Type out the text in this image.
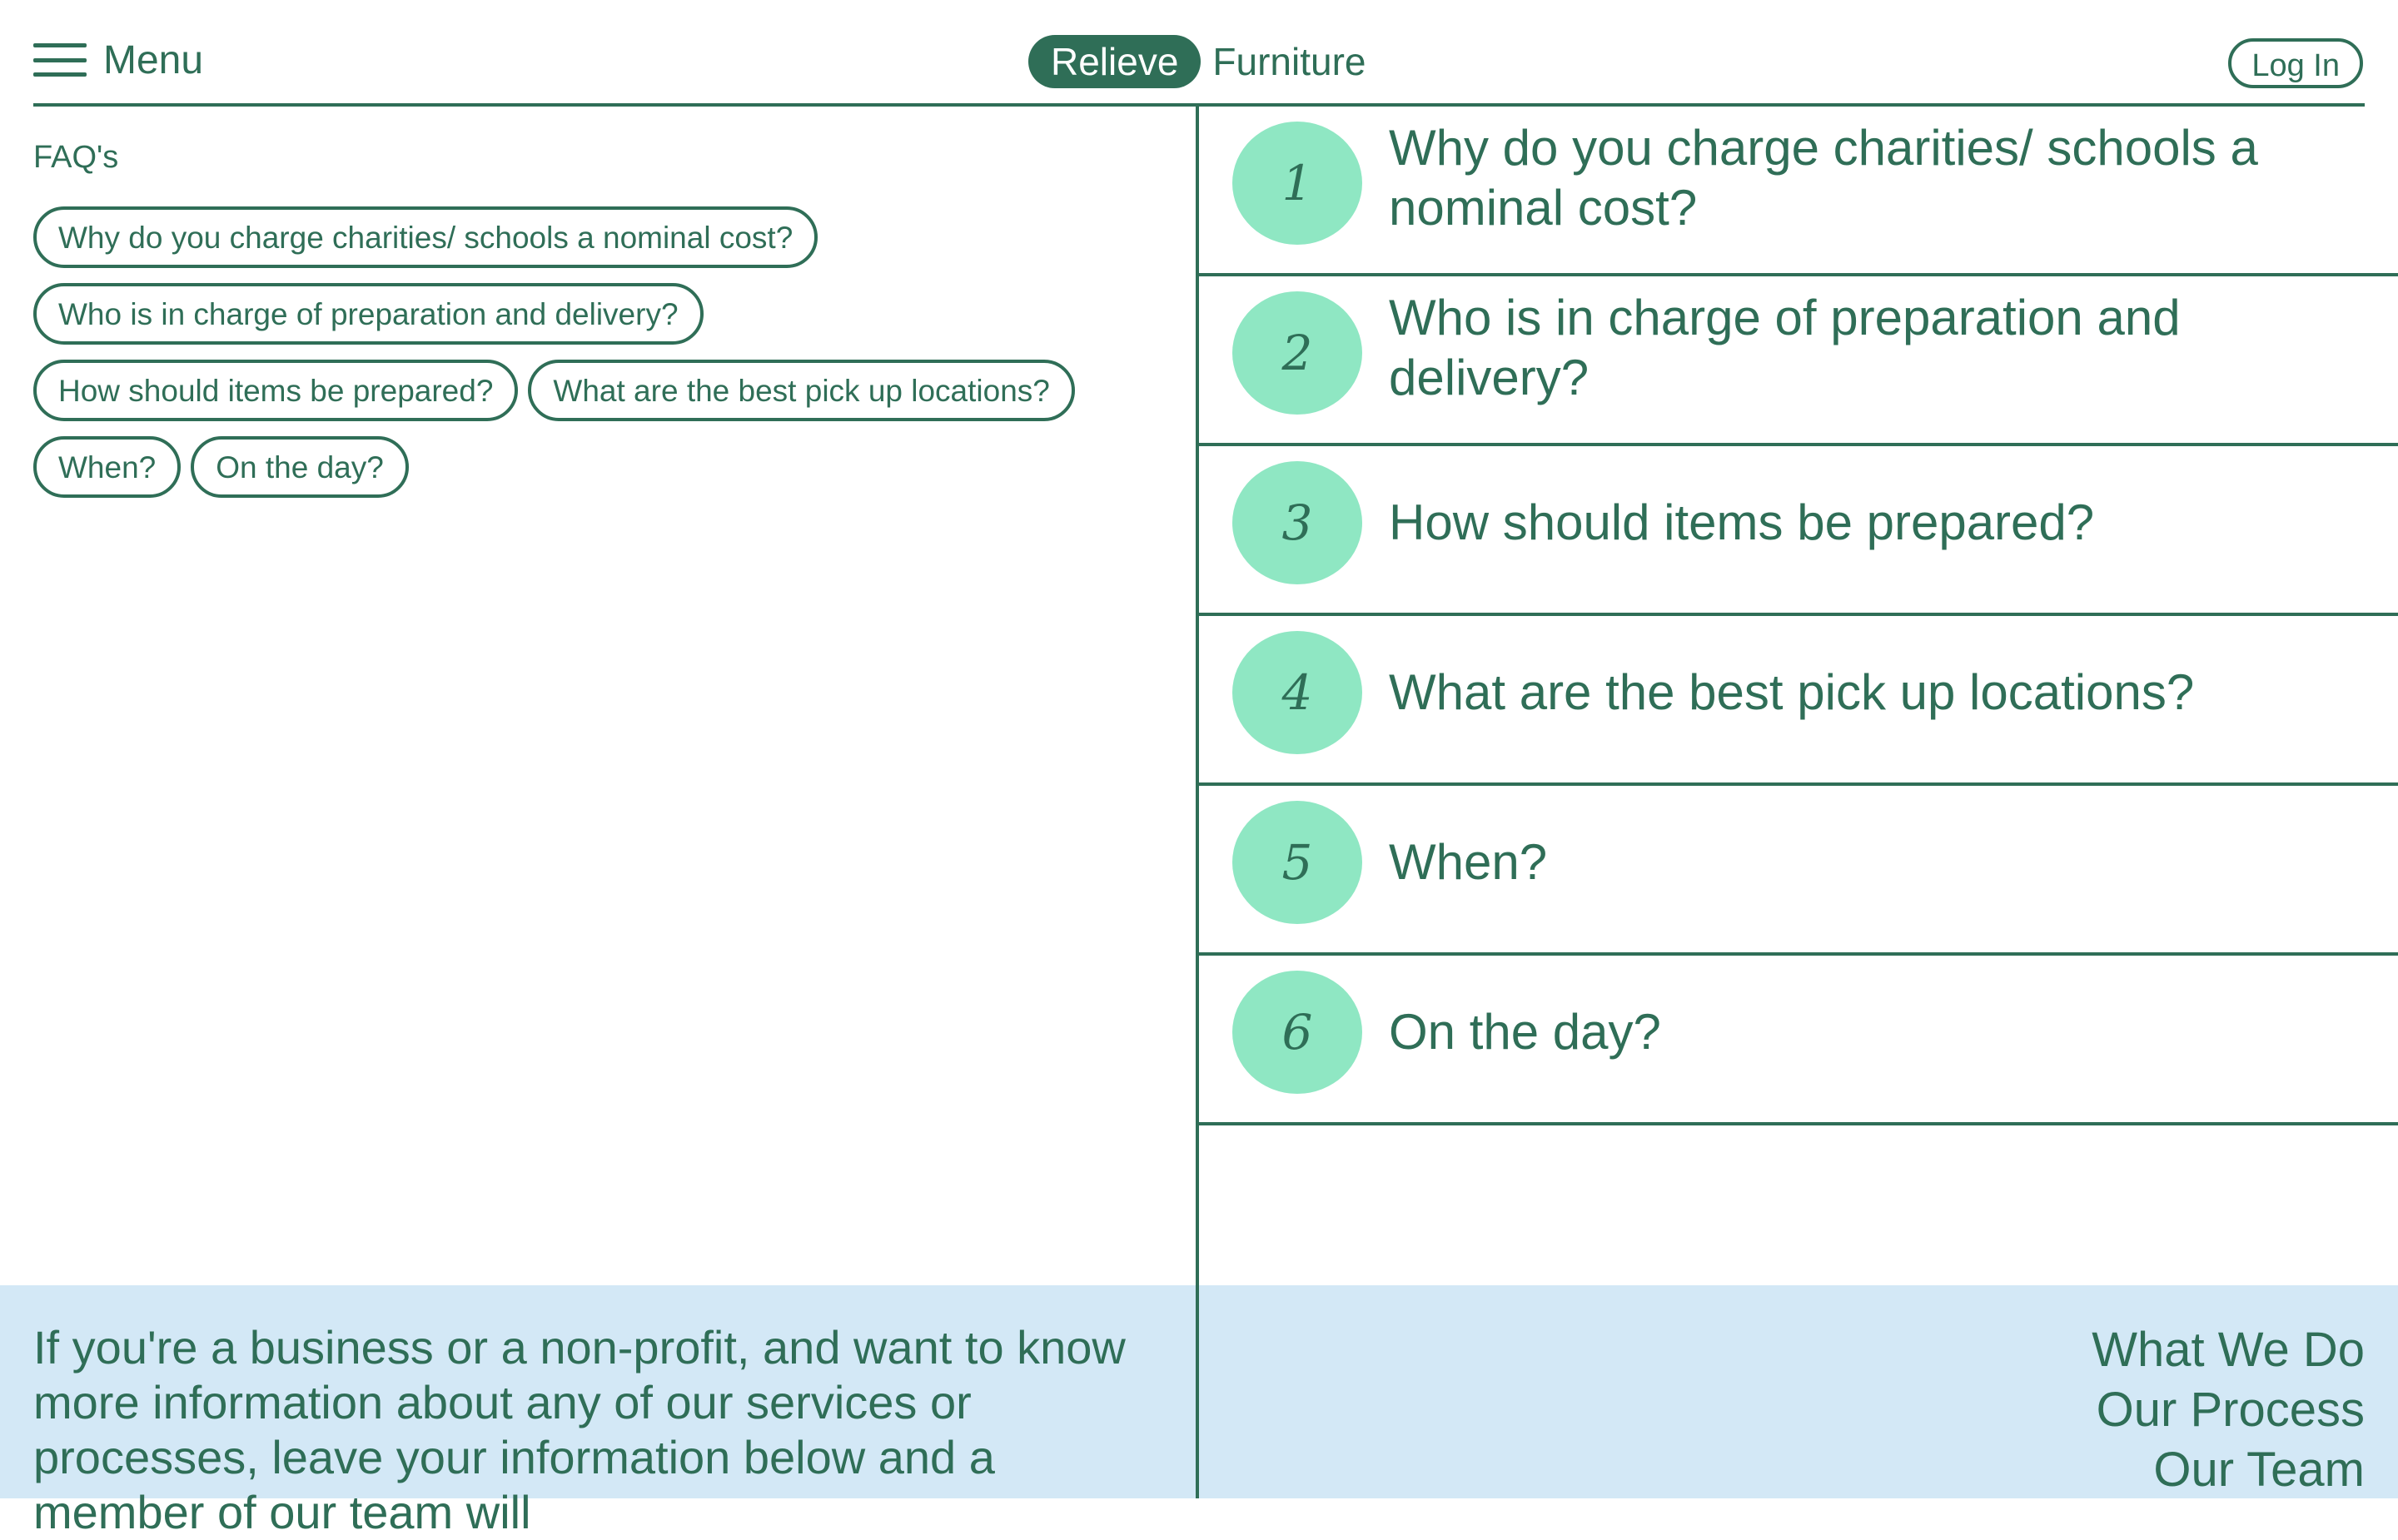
Menu	Relieve Furniture	Log In
FAQ's
Why do you charge charities/ schools a nominal cost?
Who is in charge of preparation and delivery?
How should items be prepared?	What are the best pick up locations?
When?	On the day?
1
Why do you charge charities/ schools a nominal cost?
2
Who is in charge of preparation and delivery?
3	How should items be prepared?
4	What are the best pick up locations?
5	When?
6	On the day?
If you're a business or a non-profit, and want to know more information about any of our services or processes, leave your information below and a member of our team will
What We Do
Our Process
Our Team
